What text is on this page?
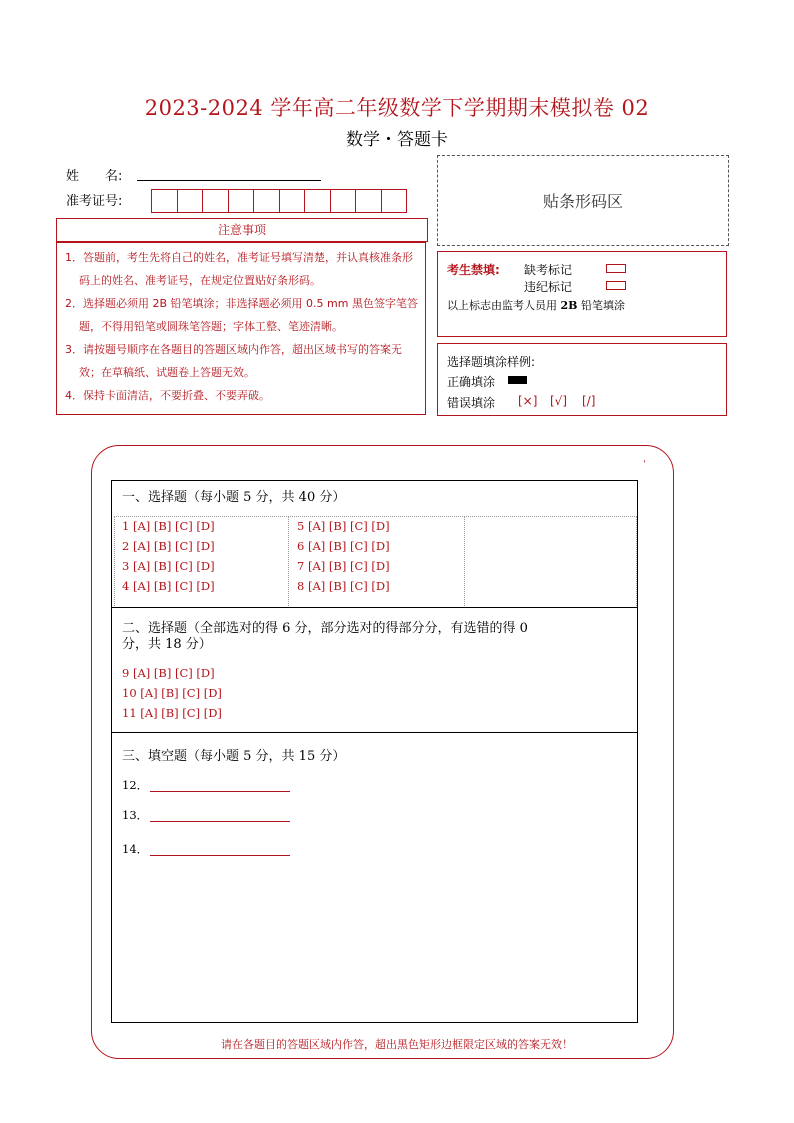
2023-2024 学年高二年级数学下学期期末模拟卷 02
数学・答题卡
姓　　名:
准考证号:	贴条形码区
注意事项

1．答题前，考生先将自己的姓名，准考证号填写清楚，并认真核准条形码上的姓名、准考证号，在规定位置贴好条形码。

2．选择题必须用 2B 铅笔填涂；非选择题必须用 0.5 mm 黑色签字笔答题，不得用铅笔或圆珠笔答题；字体工整、笔迹清晰。

3．请按题号顺序在各题目的答题区域内作答，超出区域书写的答案无效；在草稿纸、试题卷上答题无效。

4．保持卡面清洁，不要折叠、不要弄破。

考生禁填: 缺考标记
违纪标记
以上标志由监考人员用 2B 铅笔填涂
选择题填涂样例:
正确填涂
错误填涂 [×] [√] [/]
ˈ
一、选择题（每小题 5 分，共 40 分）
1 [A] [B] [C] [D]
2 [A] [B] [C] [D]
3 [A] [B] [C] [D]
4 [A] [B] [C] [D]
5 [A] [B] [C] [D]
6 [A] [B] [C] [D]
7 [A] [B] [C] [D]
8 [A] [B] [C] [D]
二、选择题（全部选对的得 6 分，部分选对的得部分分，有选错的得 0
分，共 18 分）
9 [A] [B] [C] [D]
10 [A] [B] [C] [D]
11 [A] [B] [C] [D]
三、填空题（每小题 5 分，共 15 分）
12．
13．
14．
请在各题目的答题区域内作答，超出黑色矩形边框限定区域的答案无效！
